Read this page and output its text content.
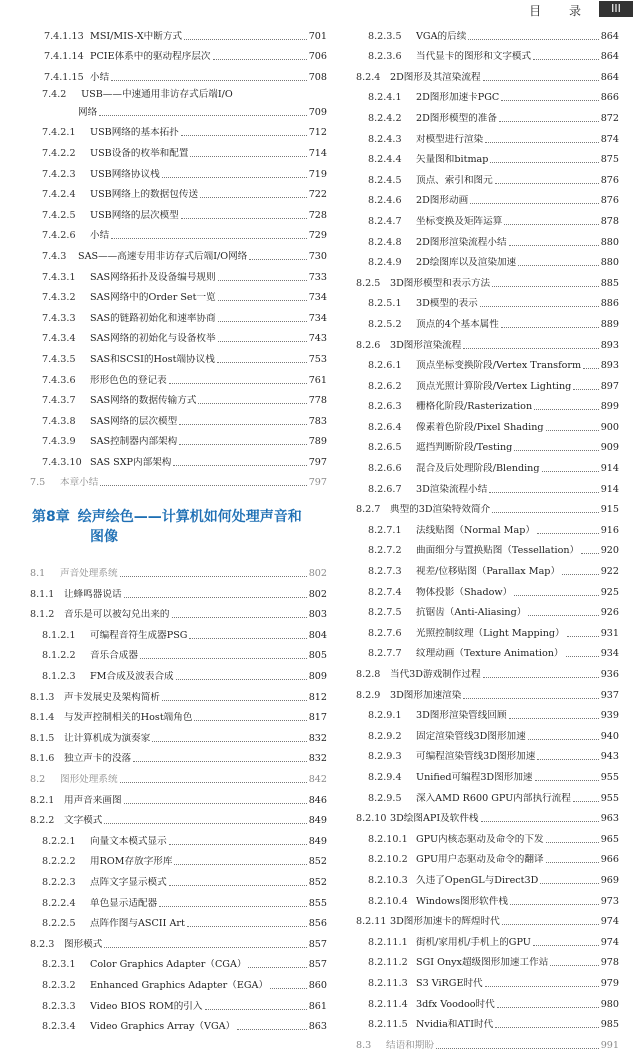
目 录	III
7.4.1.13 MSI/MIS-X中断方式	701
7.4.1.14 PCIE体系中的驱动程序层次	706
7.4.1.15 小结	708
7.4.2 USB——中速通用非访存式后端I/O
网络	709
7.4.2.1	USB网络的基本拓扑	712
7.4.2.2	USB设备的枚举和配置	714
7.4.2.3	USB网络协议栈	719
7.4.2.4	USB网络上的数据包传送	722
7.4.2.5	USB网络的层次模型	728
7.4.2.6	小结	729
7.4.3	SAS——高速专用非访存式后端I/O网络	730
7.4.3.1	SAS网络拓扑及设备编号规则	733
7.4.3.2	SAS网络中的Order Set一览	734
7.4.3.3	SAS的链路初始化和速率协商	734
7.4.3.4	SAS网络的初始化与设备枚举	743
7.4.3.5	SAS和SCSI的Host端协议栈	753
7.4.3.6	形形色色的登记表	761
7.4.3.7	SAS网络的数据传输方式	778
7.4.3.8	SAS网络的层次模型	783
7.4.3.9	SAS控制器内部架构	789
7.4.3.10 SAS SXP内部架构	797
7.5	本章小结	797
第8章 绘声绘色——计算机如何处理声音和
图像
8.1	声音处理系统	802
8.1.1 让蜂鸣器说话	802
8.1.2 音乐是可以被勾兑出来的	803
8.1.2.1	可编程音符生成器PSG	804
8.1.2.2	音乐合成器	805
8.1.2.3	FM合成及波表合成	809
8.1.3 声卡发展史及架构简析	812
8.1.4 与发声控制相关的Host端角色	817
8.1.5 让计算机成为演奏家	832
8.1.6 独立声卡的没落	832
8.2	图形处理系统	842
8.2.1 用声音来画图	846
8.2.2 文字模式	849
8.2.2.1	向量文本模式显示	849
8.2.2.2	用ROM存放字形库	852
8.2.2.3	点阵文字显示模式	852
8.2.2.4	单色显示适配器	855
8.2.2.5	点阵作图与ASCII Art	856
8.2.3 图形模式	857
8.2.3.1	Color Graphics Adapter（CGA）	857
8.2.3.2	Enhanced Graphics Adapter（EGA）	860
8.2.3.3	Video BIOS ROM的引入	861
8.2.3.4	Video Graphics Array（VGA）	863
8.2.3.5	VGA的后续	864
8.2.3.6	当代显卡的图形和文字模式	864
8.2.4 2D图形及其渲染流程	864
8.2.4.1	2D图形加速卡PGC	866
8.2.4.2	2D图形模型的准备	872
8.2.4.3	对模型进行渲染	874
8.2.4.4	矢量图和bitmap	875
8.2.4.5	顶点、索引和图元	876
8.2.4.6	2D图形动画	876
8.2.4.7	坐标变换及矩阵运算	878
8.2.4.8	2D图形渲染流程小结	880
8.2.4.9	2D绘图库以及渲染加速	880
8.2.5 3D图形模型和表示方法	885
8.2.5.1	3D模型的表示	886
8.2.5.2	顶点的4个基本属性	889
8.2.6 3D图形渲染流程	893
8.2.6.1	顶点坐标变换阶段/Vertex Transform 893
8.2.6.2	顶点光照计算阶段/Vertex Lighting	897
8.2.6.3	栅格化阶段/Rasterization	899
8.2.6.4	像素着色阶段/Pixel Shading	900
8.2.6.5	遮挡判断阶段/Testing	909
8.2.6.6	混合及后处理阶段/Blending	914
8.2.6.7	3D渲染流程小结	914
8.2.7 典型的3D渲染特效简介	915
8.2.7.1	法线贴图（Normal Map）	916
8.2.7.2	曲面细分与置换贴图（Tessellation） 920
8.2.7.3	视差/位移贴图（Parallax Map）	922
8.2.7.4	物体投影（Shadow）	925
8.2.7.5	抗锯齿（Anti-Aliasing）	926
8.2.7.6	光照控制纹理（Light Mapping）	931
8.2.7.7	纹理动画（Texture Animation）	934
8.2.8 当代3D游戏制作过程	936
8.2.9 3D图形加速渲染	937
8.2.9.1	3D图形渲染管线回顾	939
8.2.9.2	固定渲染管线3D图形加速	940
8.2.9.3	可编程渲染管线3D图形加速	943
8.2.9.4	Unified可编程3D图形加速	955
8.2.9.5	深入AMD R600 GPU内部执行流程	955
8.2.10 3D绘图API及软件栈	963
8.2.10.1 GPU内核态驱动及命令的下发	965
8.2.10.2 GPU用户态驱动及命令的翻译	966
8.2.10.3 久违了OpenGL与Direct3D	969
8.2.10.4 Windows图形软件栈	973
8.2.11 3D图形加速卡的辉煌时代	974
8.2.11.1 街机/家用机/手机上的GPU	974
8.2.11.2 SGI Onyx超级图形加速工作站	978
8.2.11.3 S3 ViRGE时代	979
8.2.11.4 3dfx Voodoo时代	980
8.2.11.5 Nvidia和ATI时代	985
8.3	结语和期盼	991
